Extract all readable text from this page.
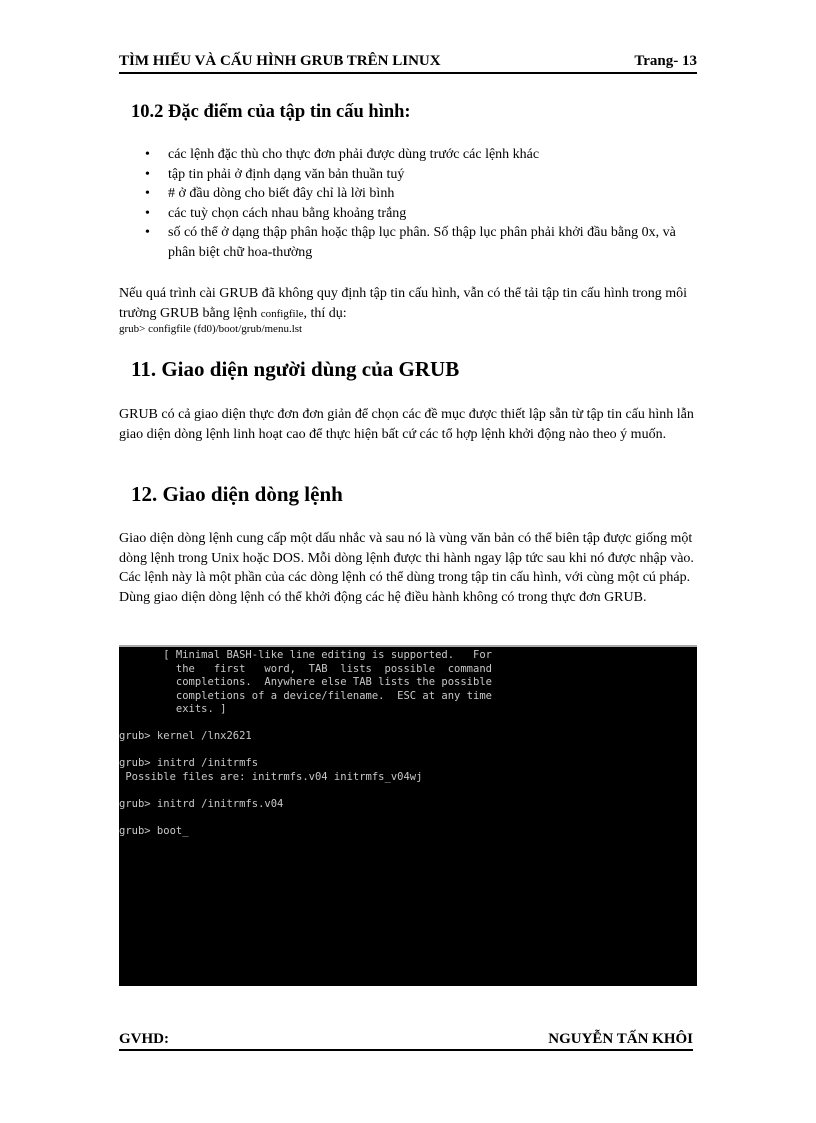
TÌM HIỂU VÀ CẤU HÌNH GRUB TRÊN LINUX	Trang- 13
10.2 Đặc điểm của tập tin cấu hình:
• các lệnh đặc thù cho thực đơn phải được dùng trước các lệnh khác
• tập tin phải ở định dạng văn bản thuần tuý
• # ở đầu dòng cho biết đây chỉ là lời bình
• các tuỳ chọn cách nhau bằng khoảng trắng
• số có thể ở dạng thập phân hoặc thập lục phân. Số thập lục phân phải khởi đầu bằng 0x, và phân biệt chữ hoa-thường

Nếu quá trình cài GRUB đã không quy định tập tin cấu hình, vẫn có thể tải tập tin cấu hình trong môi trường GRUB bằng lệnh configfile, thí dụ:

grub> configfile (fd0)/boot/grub/menu.lst
11. Giao diện người dùng của GRUB

GRUB có cả giao diện thực đơn đơn giản để chọn các đề mục được thiết lập sẵn từ tập tin cấu hình lẫn giao diện dòng lệnh linh hoạt cao để thực hiện bất cứ các tổ hợp lệnh khởi động nào theo ý muốn.

12. Giao diện dòng lệnh

Giao diện dòng lệnh cung cấp một dấu nhắc và sau nó là vùng văn bản có thể biên tập được giống một dòng lệnh trong Unix hoặc DOS. Mỗi dòng lệnh được thi hành ngay lập tức sau khi nó được nhập vào. Các lệnh này là một phần của các dòng lệnh có thể dùng trong tập tin cấu hình, với cùng một cú pháp. Dùng giao diện dòng lệnh có thể khởi động các hệ điều hành không có trong thực đơn GRUB.

[ Minimal BASH-like line editing is supported.   For
the   first   word,  TAB  lists  possible  command
completions.  Anywhere else TAB lists the possible
completions of a device/filename.  ESC at any time
exits. ]

grub> kernel /lnx2621

grub> initrd /initrmfs
Possible files are: initrmfs.v04 initrmfs_v04wj

grub> initrd /initrmfs.v04

grub> boot_

GVHD:	NGUYỄN TẤN KHÔI
